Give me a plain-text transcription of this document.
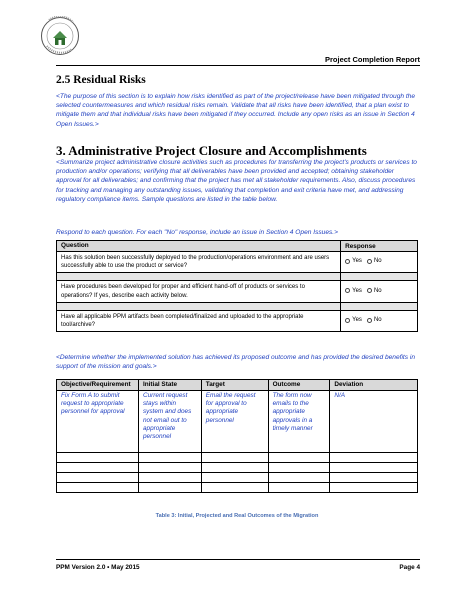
Project Completion Report
2.5 Residual Risks
<The purpose of this section is to explain how risks identified as part of the project/release have been mitigated through the selected countermeasures and which residual risks remain. Validate that all risks have been identified, that a plan exist to mitigate them and that individual risks have been mitigated if they occurred. Include any open risks as an issue in Section 4 Open Issues.>
3. Administrative Project Closure and Accomplishments
<Summarize project administrative closure activities such as procedures for transferring the project's products or services to production and/or operations; verifying that all deliverables have been provided and accepted; obtaining stakeholder approval for all deliverables; and confirming that the project has met all stakeholder requirements. Also, discuss procedures for tracking and managing any outstanding issues, validating that completion and exit criteria have met, and addressing regulatory compliance items. Sample questions are listed in the table below.
Respond to each question. For each "No" response, include an issue in Section 4 Open Issues.>
Question	Response
Has this solution been successfully deployed to the production/operations environment and are users successfully able to use the product or service?	Yes No

Have procedures been developed for proper and efficient hand-off of products or services to operations? If yes, describe each activity below.	Yes No

Have all applicable PPM artifacts been completed/finalized and uploaded to the appropriate tool/archive?	Yes No
<Determine whether the implemented solution has achieved its proposed outcome and has provided the desired benefits in support of the mission and goals.>
Objective/Requirement	Initial State	Target	Outcome	Deviation
Fix Form A to submit request to appropriate personnel for approval	Current request stays within system and does not email out to appropriate personnel	Email the request for approval to appropriate personnel	The form now emails to the appropriate approvals in a timely manner	N/A

Table 3: Initial, Projected and Real Outcomes of the Migration
PPM Version 2.0 • May 2015	Page 4
